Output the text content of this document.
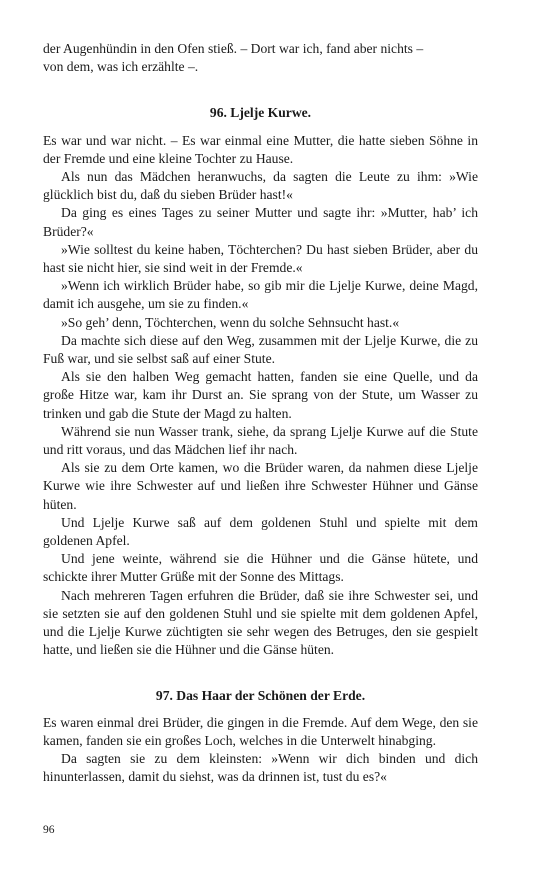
der Augenhündin in den Ofen stieß. – Dort war ich, fand aber nichts –
von dem, was ich erzählte –.

96. Ljelje Kurwe.

Es war und war nicht. – Es war einmal eine Mutter, die hatte sieben Söhne in der Fremde und eine kleine Tochter zu Hause.

Als nun das Mädchen heranwuchs, da sagten die Leute zu ihm: »Wie glücklich bist du, daß du sieben Brüder hast!«

Da ging es eines Tages zu seiner Mutter und sagte ihr: »Mutter, hab’ ich Brüder?«

»Wie solltest du keine haben, Töchterchen? Du hast sieben Brüder, aber du hast sie nicht hier, sie sind weit in der Fremde.«

»Wenn ich wirklich Brüder habe, so gib mir die Ljelje Kurwe, deine Magd, damit ich ausgehe, um sie zu finden.«

»So geh’ denn, Töchterchen, wenn du solche Sehnsucht hast.«

Da machte sich diese auf den Weg, zusammen mit der Ljelje Kurwe, die zu Fuß war, und sie selbst saß auf einer Stute.

Als sie den halben Weg gemacht hatten, fanden sie eine Quelle, und da große Hitze war, kam ihr Durst an. Sie sprang von der Stute, um Wasser zu trinken und gab die Stute der Magd zu halten.

Während sie nun Wasser trank, siehe, da sprang Ljelje Kurwe auf die Stute und ritt voraus, und das Mädchen lief ihr nach.

Als sie zu dem Orte kamen, wo die Brüder waren, da nahmen diese Ljelje Kurwe wie ihre Schwester auf und ließen ihre Schwester Hühner und Gänse hüten.

Und Ljelje Kurwe saß auf dem goldenen Stuhl und spielte mit dem goldenen Apfel.

Und jene weinte, während sie die Hühner und die Gänse hütete, und schickte ihrer Mutter Grüße mit der Sonne des Mittags.

Nach mehreren Tagen erfuhren die Brüder, daß sie ihre Schwester sei, und sie setzten sie auf den goldenen Stuhl und sie spielte mit dem goldenen Apfel, und die Ljelje Kurwe züchtigten sie sehr wegen des Betruges, den sie gespielt hatte, und ließen sie die Hühner und die Gänse hüten.

97. Das Haar der Schönen der Erde.

Es waren einmal drei Brüder, die gingen in die Fremde. Auf dem Wege, den sie kamen, fanden sie ein großes Loch, welches in die Unterwelt hinabging.

Da sagten sie zu dem kleinsten: »Wenn wir dich binden und dich hinunterlassen, damit du siehst, was da drinnen ist, tust du es?«

96
